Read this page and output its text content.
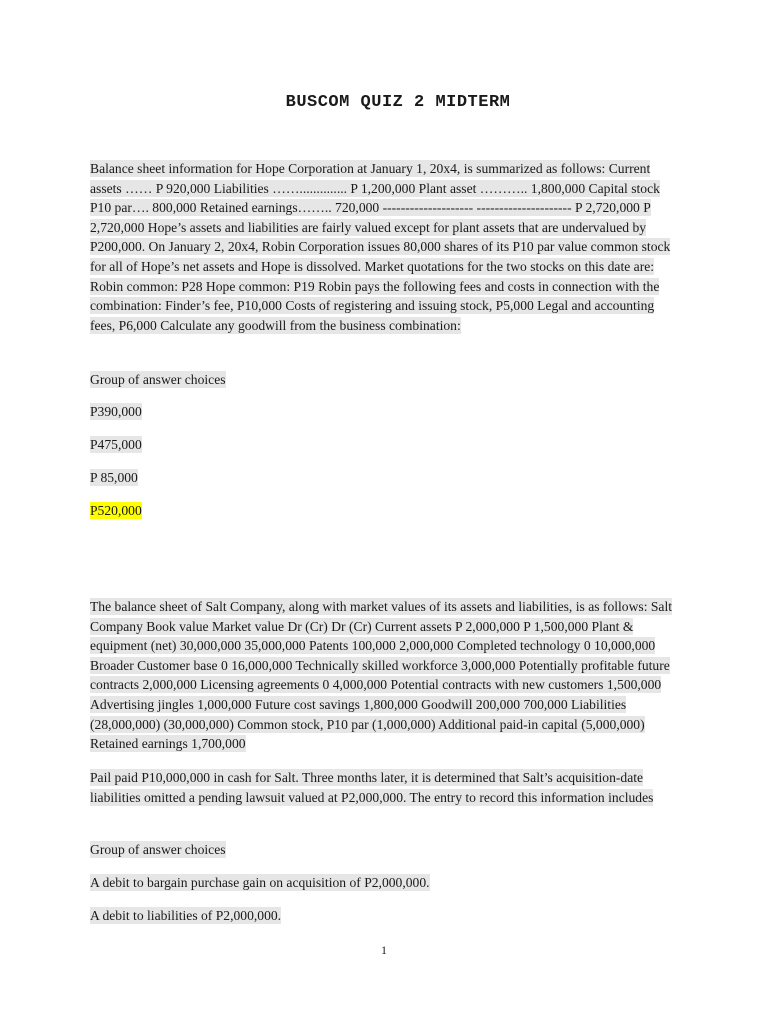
BUSCOM QUIZ 2 MIDTERM
Balance sheet information for Hope Corporation at January 1, 20x4, is summarized as follows: Current assets …… P 920,000 Liabilities …….............. P 1,200,000 Plant asset ……….. 1,800,000 Capital stock P10 par…. 800,000 Retained earnings…….. 720,000 -------------------- --------------------- P 2,720,000 P 2,720,000 Hope’s assets and liabilities are fairly valued except for plant assets that are undervalued by P200,000. On January 2, 20x4, Robin Corporation issues 80,000 shares of its P10 par value common stock for all of Hope’s net assets and Hope is dissolved. Market quotations for the two stocks on this date are: Robin common: P28 Hope common: P19 Robin pays the following fees and costs in connection with the combination: Finder’s fee, P10,000 Costs of registering and issuing stock, P5,000 Legal and accounting fees, P6,000 Calculate any goodwill from the business combination:
Group of answer choices
P390,000
P475,000
P 85,000
P520,000
The balance sheet of Salt Company, along with market values of its assets and liabilities, is as follows: Salt Company Book value Market value Dr (Cr) Dr (Cr) Current assets P 2,000,000 P 1,500,000 Plant & equipment (net) 30,000,000 35,000,000 Patents 100,000 2,000,000 Completed technology 0 10,000,000 Broader Customer base 0 16,000,000 Technically skilled workforce 3,000,000 Potentially profitable future contracts 2,000,000 Licensing agreements 0 4,000,000 Potential contracts with new customers 1,500,000 Advertising jingles 1,000,000 Future cost savings 1,800,000 Goodwill 200,000 700,000 Liabilities (28,000,000) (30,000,000) Common stock, P10 par (1,000,000) Additional paid-in capital (5,000,000) Retained earnings 1,700,000
Pail paid P10,000,000 in cash for Salt. Three months later, it is determined that Salt’s acquisition-date liabilities omitted a pending lawsuit valued at P2,000,000. The entry to record this information includes
Group of answer choices
A debit to bargain purchase gain on acquisition of P2,000,000.
A debit to liabilities of P2,000,000.
1
